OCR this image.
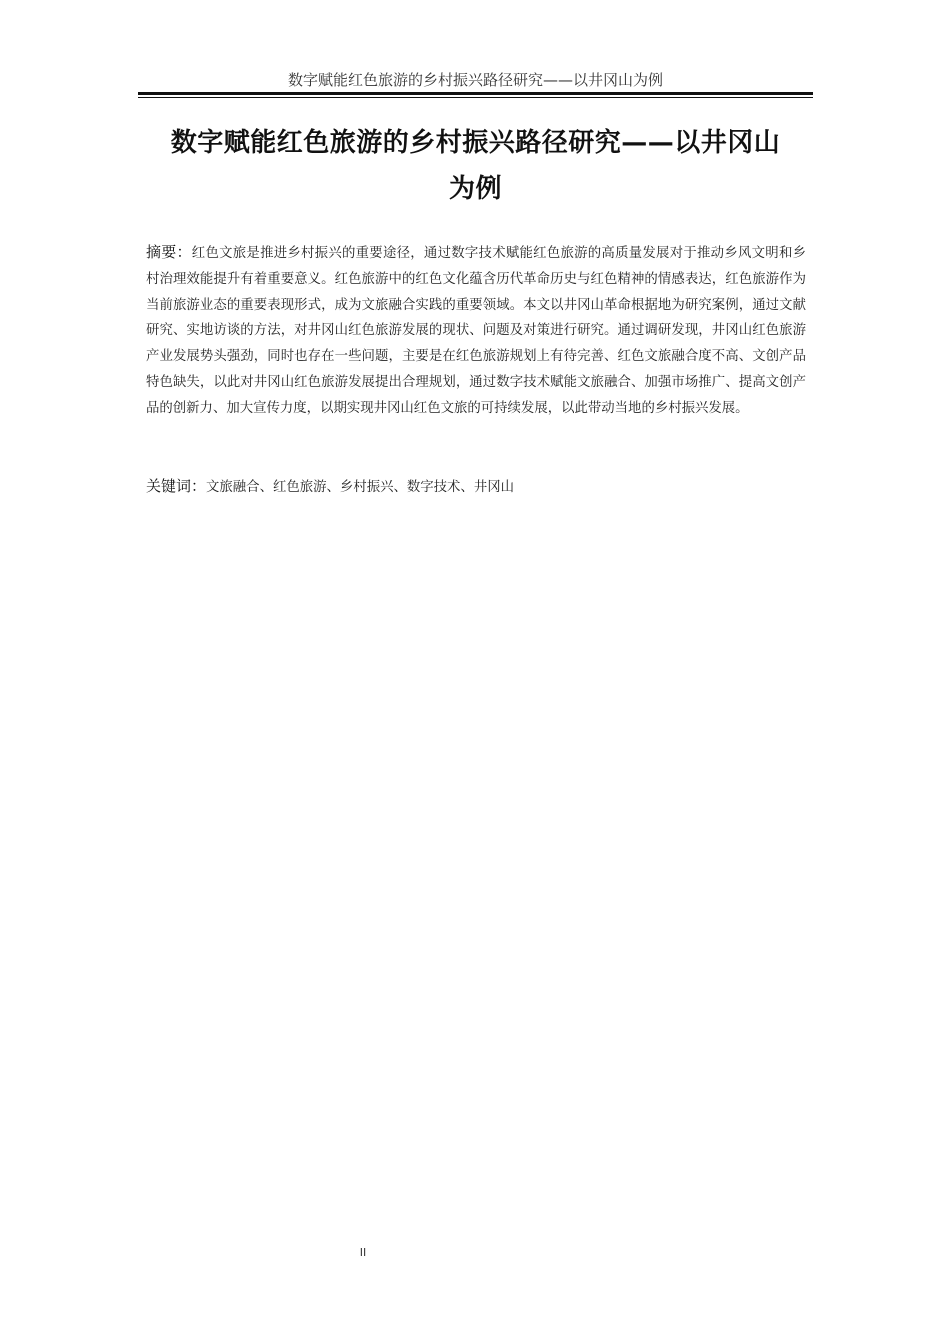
数字赋能红色旅游的乡村振兴路径研究——以井冈山为例
数字赋能红色旅游的乡村振兴路径研究——以井冈山
为例
摘要：红色文旅是推进乡村振兴的重要途径，通过数字技术赋能红色旅游的高质量发展对于推动乡风文明和乡村治理效能提升有着重要意义。红色旅游中的红色文化蕴含历代革命历史与红色精神的情感表达，红色旅游作为当前旅游业态的重要表现形式，成为文旅融合实践的重要领域。本文以井冈山革命根据地为研究案例，通过文献研究、实地访谈的方法，对井冈山红色旅游发展的现状、问题及对策进行研究。通过调研发现，井冈山红色旅游产业发展势头强劲，同时也存在一些问题，主要是在红色旅游规划上有待完善、红色文旅融合度不高、文创产品特色缺失，以此对井冈山红色旅游发展提出合理规划，通过数字技术赋能文旅融合、加强市场推广、提高文创产品的创新力、加大宣传力度，以期实现井冈山红色文旅的可持续发展，以此带动当地的乡村振兴发展。
关键词：文旅融合、红色旅游、乡村振兴、数字技术、井冈山
II
